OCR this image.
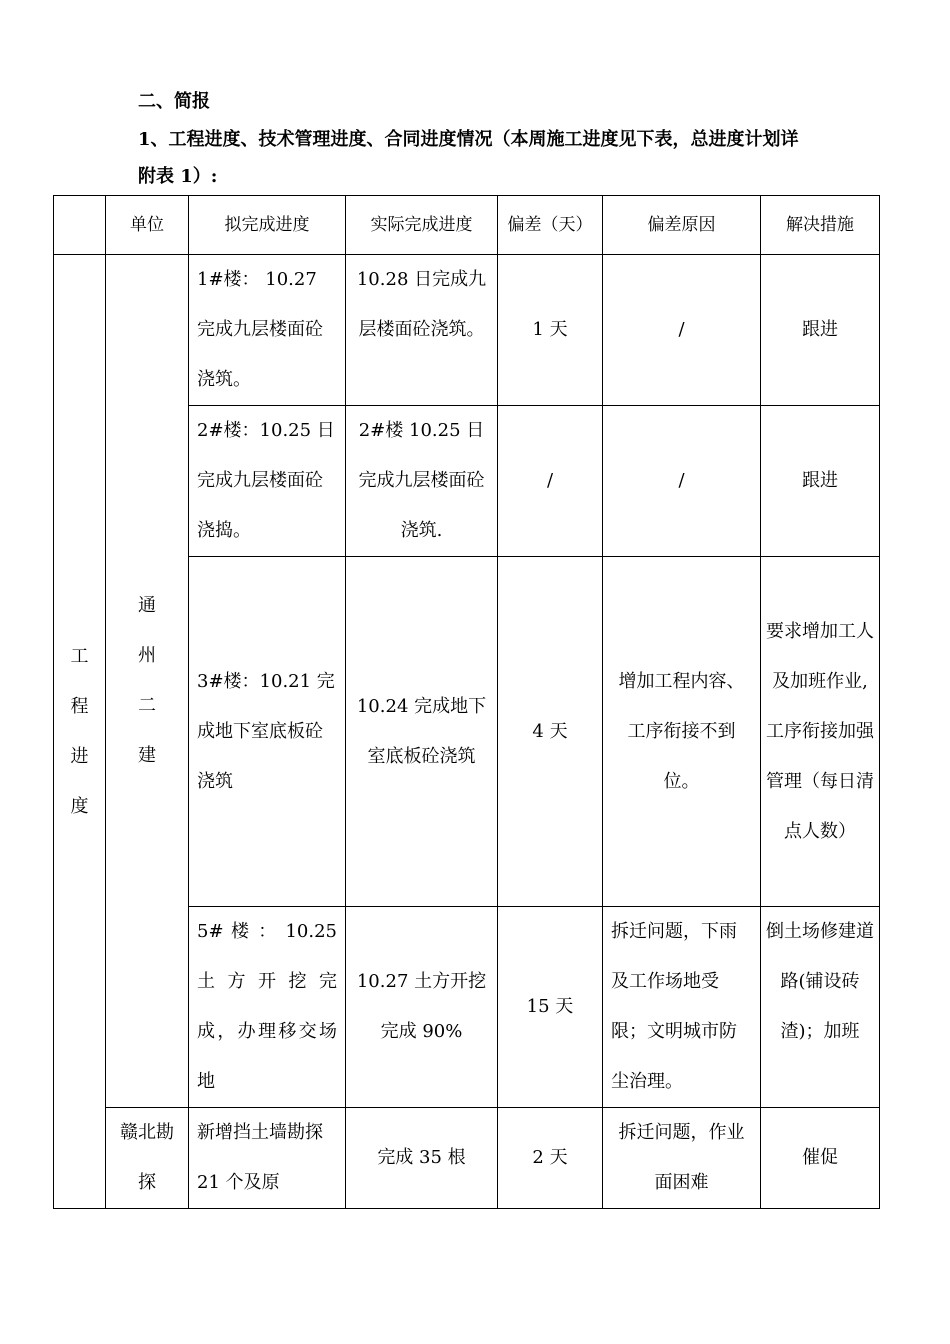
二、简报
1、工程进度、技术管理进度、合同进度情况（本周施工进度见下表，总进度计划详
附表 1）:
	单位	拟完成进度	实际完成进度	偏差（天）	偏差原因	解决措施

工程进度	通州二建	1#楼： 10.27 完成九层楼面砼浇筑。	10.28 日完成九层楼面砼浇筑。	1 天	/	跟进

		2#楼：10.25 日完成九层楼面砼浇捣。	2#楼 10.25 日完成九层楼面砼浇筑.	/	/	跟进
		3#楼：10.21 完成地下室底板砼浇筑	10.24 完成地下室底板砼浇筑	4 天	增加工程内容、工序衔接不到位。	要求增加工人及加班作业,工序衔接加强 管理（每日清点人数）
		5# 楼 ： 10.25 土 方 开 挖 完 成，办理移交场地	10.27 土方开挖完成 90%	15 天	拆迁问题，下雨及工作场地受限；文明城市防尘治理。	倒土场修建道路(铺设砖渣)；加班
	赣北勘探	新增挡土墙勘探 21 个及原	完成 35 根	2 天	拆迁问题，作业面困难	催促
